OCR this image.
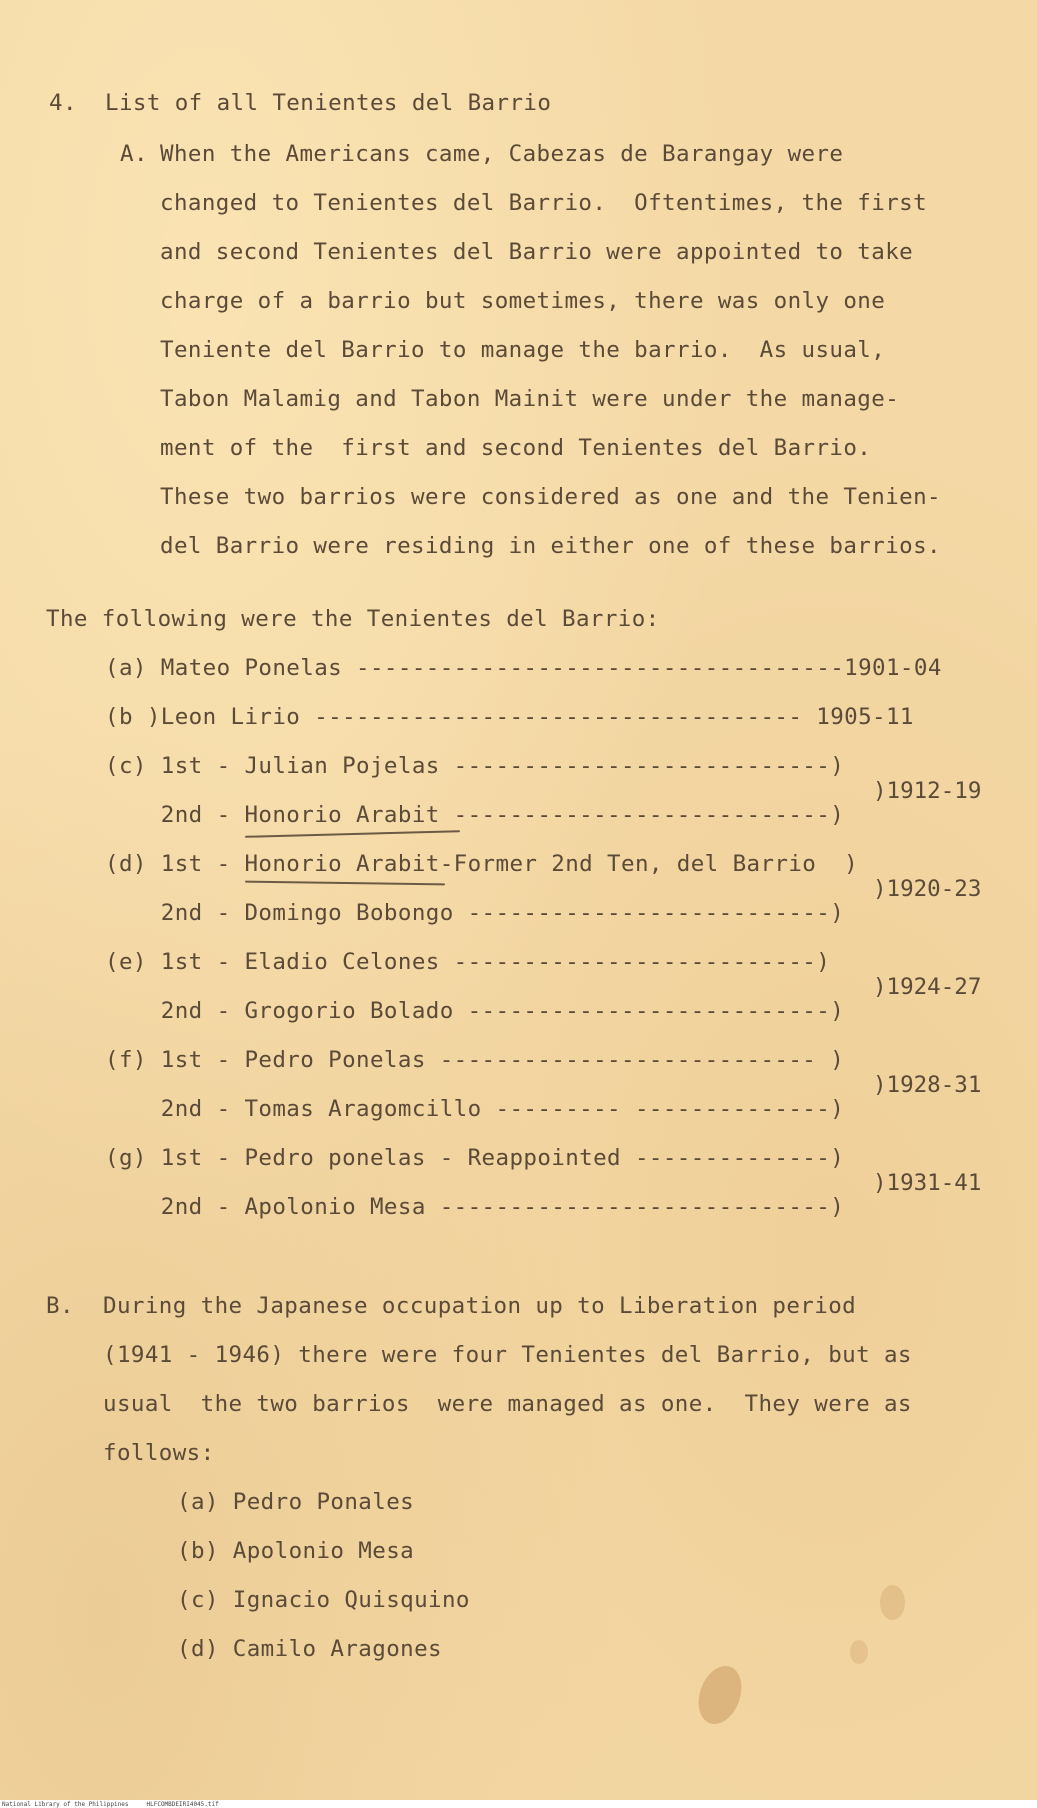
4. List of all Tenientes del Barrio
A. When the Americans came, Cabezas de Barangay were
changed to Tenientes del Barrio.  Oftentimes, the first
and second Tenientes del Barrio were appointed to take
charge of a barrio but sometimes, there was only one
Teniente del Barrio to manage the barrio.  As usual,
Tabon Malamig and Tabon Mainit were under the manage-
ment of the  first and second Tenientes del Barrio.
These two barrios were considered as one and the Tenien-
del Barrio were residing in either one of these barrios.
The following were the Tenientes del Barrio:
(a) Mateo Ponelas -----------------------------------1901-04
(b )Leon Lirio ----------------------------------- 1905-11
(c) 1st - Julian Pojelas ---------------------------)
)1912-19
2nd - Honorio Arabit ---------------------------)
(d) 1st - Honorio Arabit-Former 2nd Ten, del Barrio  )
)1920-23
2nd - Domingo Bobongo --------------------------)
(e) 1st - Eladio Celones --------------------------)
)1924-27
2nd - Grogorio Bolado --------------------------)
(f) 1st - Pedro Ponelas --------------------------- )
)1928-31
2nd - Tomas Aragomcillo --------- --------------)
(g) 1st - Pedro ponelas - Reappointed --------------)
)1931-41
2nd - Apolonio Mesa ----------------------------)
B. During the Japanese occupation up to Liberation period
(1941 - 1946) there were four Tenientes del Barrio, but as
usual  the two barrios  were managed as one.  They were as
follows:
(a) Pedro Ponales
(b) Apolonio Mesa
(c) Ignacio Quisquino
(d) Camilo Aragones
National Library of the Philippines     HLFCOMBDEIRI4045.tif
